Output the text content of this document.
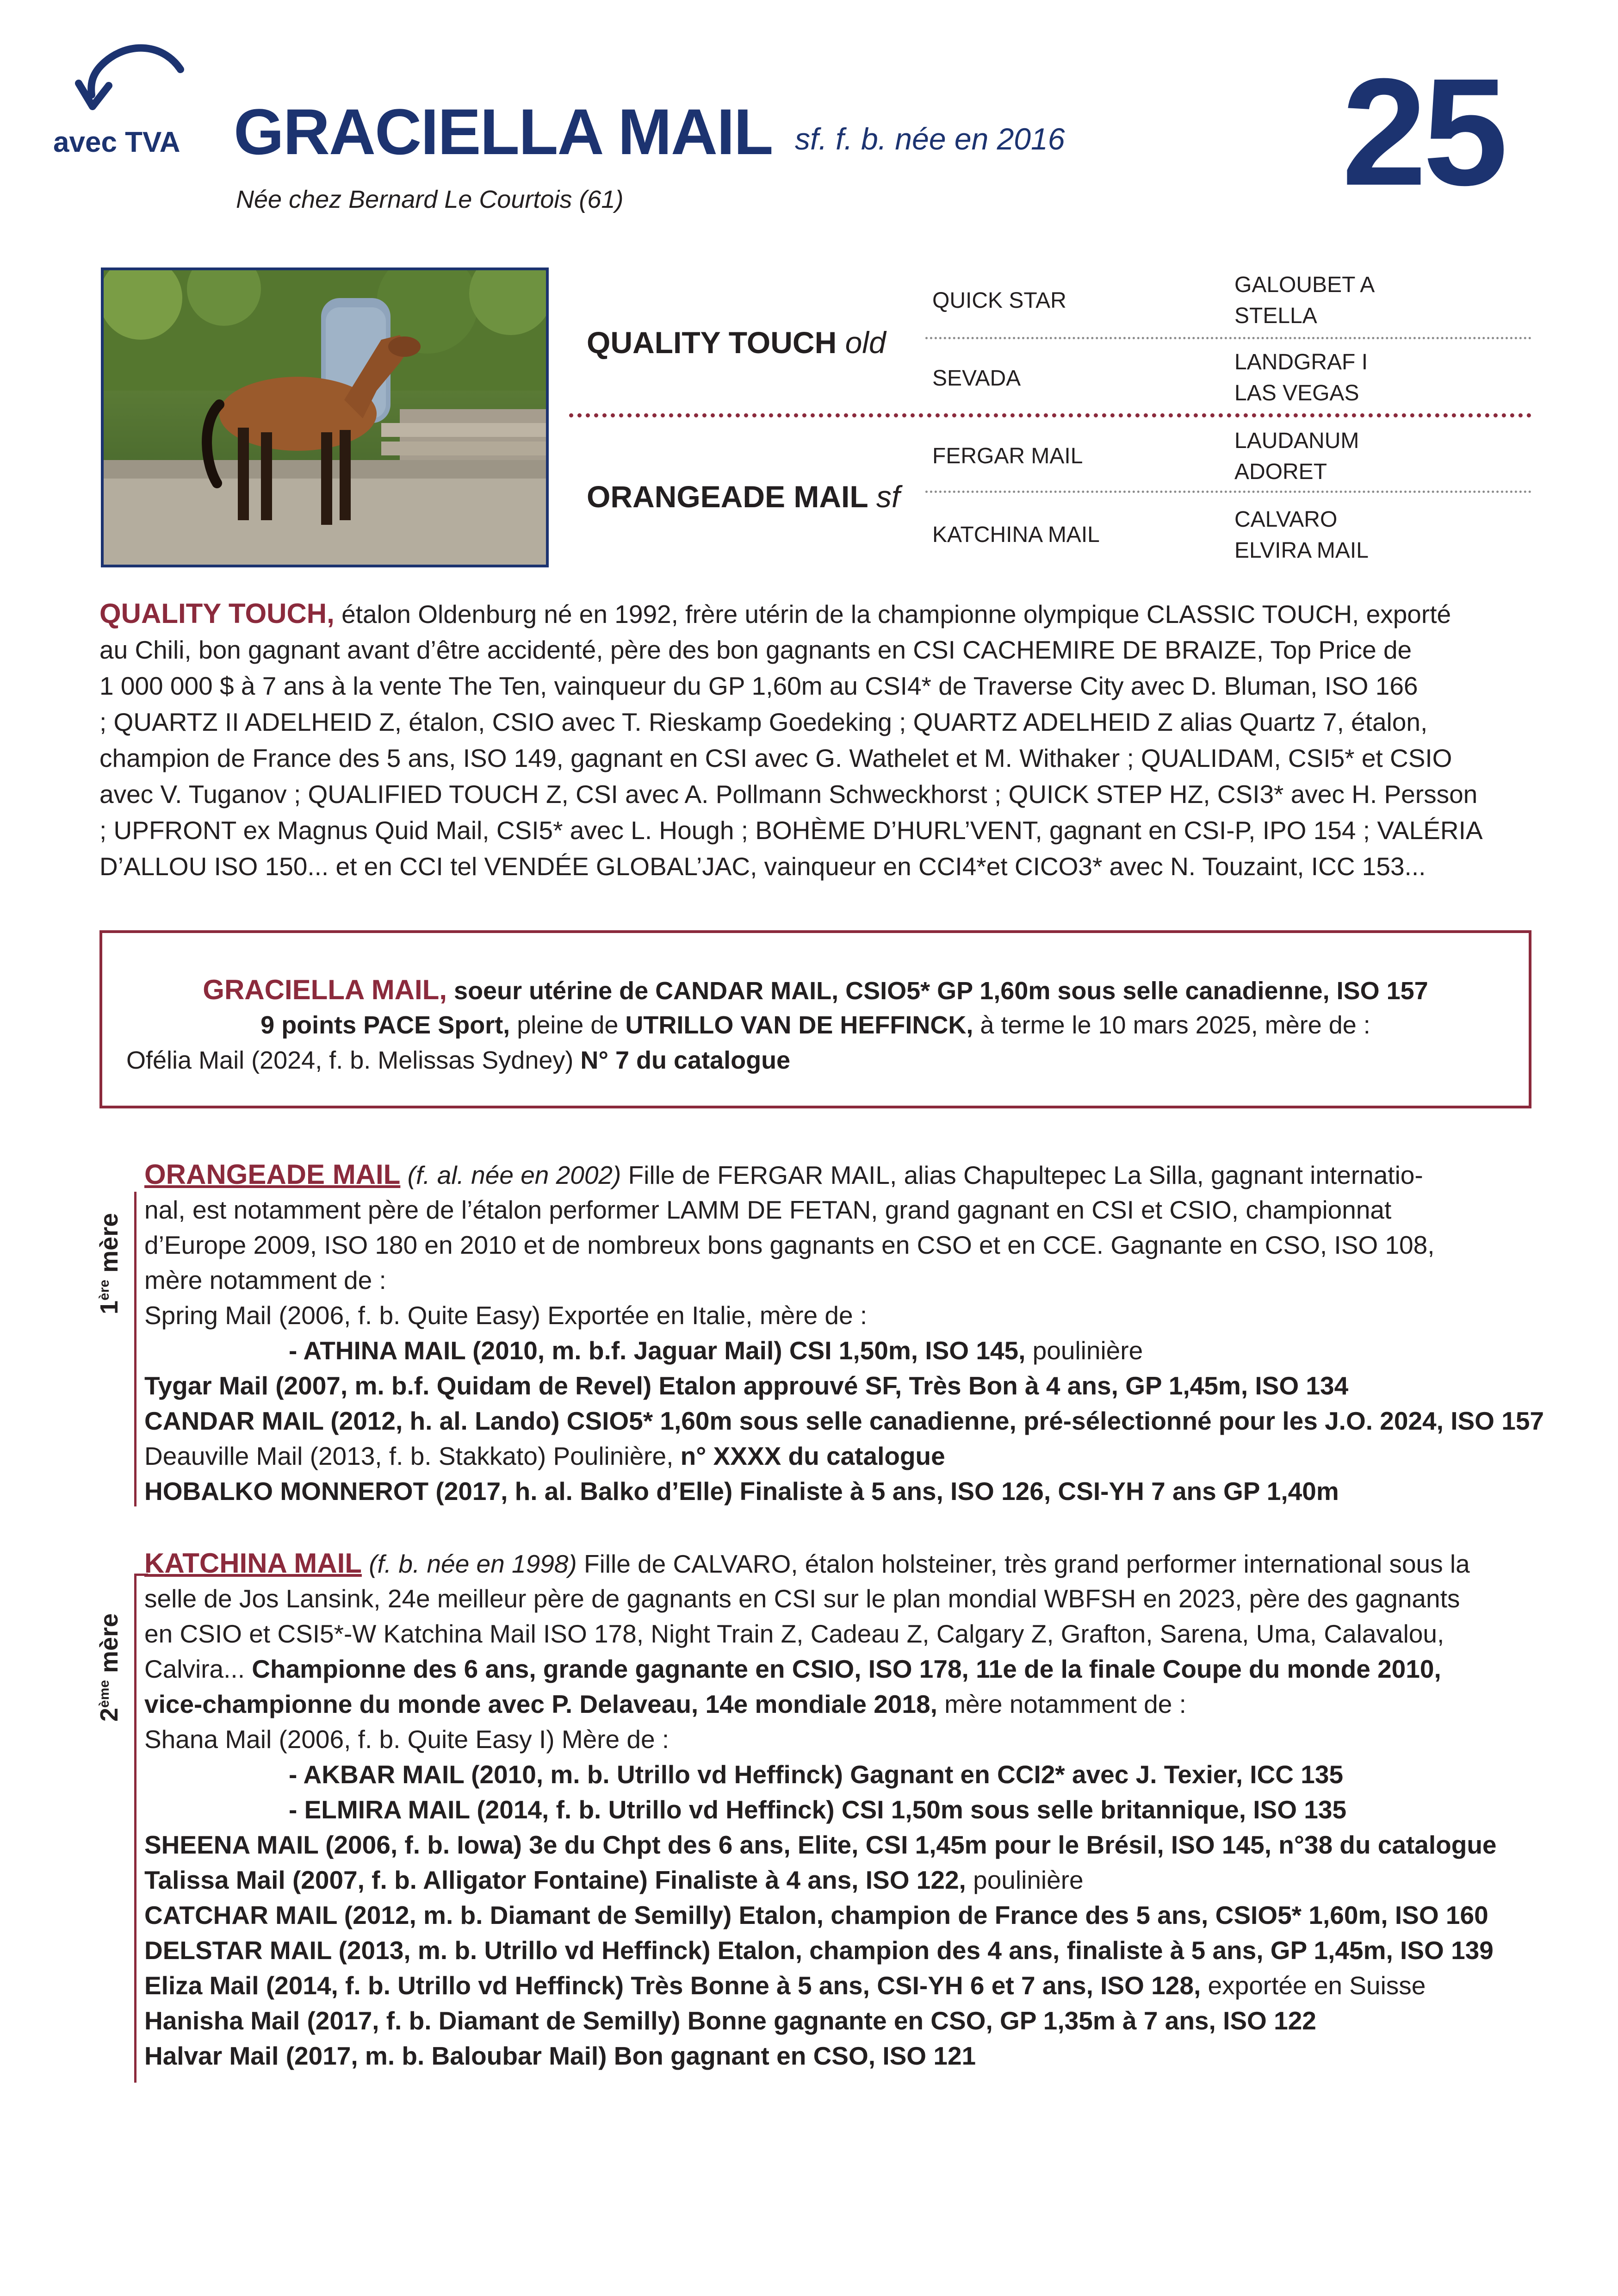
avec TVA GRACIELLA MAIL sf. f. b. née en 2016
Née chez Bernard Le Courtois (61)	25
QUALITY TOUCH old
ORANGEADE MAIL sf
QUICK STAR
SEVADA
FERGAR MAIL
KATCHINA MAIL
GALOUBET A
STELLA
LANDGRAF I
LAS VEGAS
LAUDANUM
ADORET
CALVARO
ELVIRA MAIL
QUALITY TOUCH, étalon Oldenburg né en 1992, frère utérin de la championne olympique CLASSIC TOUCH, exporté
au Chili, bon gagnant avant d’être accidenté, père des bon gagnants en CSI CACHEMIRE DE BRAIZE, Top Price de
1 000 000 $ à 7 ans à la vente The Ten, vainqueur du GP 1,60m au CSI4* de Traverse City avec D. Bluman, ISO 166
; QUARTZ II ADELHEID Z, étalon, CSIO avec T. Rieskamp Goedeking ; QUARTZ ADELHEID Z alias Quartz 7, étalon,
champion de France des 5 ans, ISO 149, gagnant en CSI avec G. Wathelet et M. Withaker ; QUALIDAM, CSI5* et CSIO
avec V. Tuganov ; QUALIFIED TOUCH Z, CSI avec A. Pollmann Schweckhorst ; QUICK STEP HZ, CSI3* avec H. Persson
; UPFRONT ex Magnus Quid Mail, CSI5* avec L. Hough ; BOHÈME D’HURL’VENT, gagnant en CSI-P, IPO 154 ; VALÉRIA
D’ALLOU ISO 150... et en CCI tel VENDÉE GLOBAL’JAC, vainqueur en CCI4*et CICO3* avec N. Touzaint, ICC 153...
GRACIELLA MAIL, soeur utérine de CANDAR MAIL, CSIO5* GP 1,60m sous selle canadienne, ISO 157
9 points PACE Sport, pleine de UTRILLO VAN DE HEFFINCK, à terme le 10 mars 2025, mère de :
Ofélia Mail (2024, f. b. Melissas Sydney) N° 7 du catalogue
1ère mère
ORANGEADE MAIL (f. al. née en 2002) Fille de FERGAR MAIL, alias Chapultepec La Silla, gagnant internatio-
nal, est notamment père de l’étalon performer LAMM DE FETAN, grand gagnant en CSI et CSIO, championnat
d’Europe 2009, ISO 180 en 2010 et de nombreux bons gagnants en CSO et en CCE. Gagnante en CSO, ISO 108,
mère notamment de :
Spring Mail (2006, f. b. Quite Easy) Exportée en Italie, mère de :
- ATHINA MAIL (2010, m. b.f. Jaguar Mail) CSI 1,50m, ISO 145, poulinière
Tygar Mail (2007, m. b.f. Quidam de Revel) Etalon approuvé SF, Très Bon à 4 ans, GP 1,45m, ISO 134
CANDAR MAIL (2012, h. al. Lando) CSIO5* 1,60m sous selle canadienne, pré-sélectionné pour les J.O. 2024, ISO 157
Deauville Mail (2013, f. b. Stakkato) Poulinière, n° XXXX du catalogue
HOBALKO MONNEROT (2017, h. al. Balko d’Elle) Finaliste à 5 ans, ISO 126, CSI-YH 7 ans GP 1,40m
2ème mère
KATCHINA MAIL (f. b. née en 1998) Fille de CALVARO, étalon holsteiner, très grand performer international sous la
selle de Jos Lansink, 24e meilleur père de gagnants en CSI sur le plan mondial WBFSH en 2023, père des gagnants
en CSIO et CSI5*-W Katchina Mail ISO 178, Night Train Z, Cadeau Z, Calgary Z, Grafton, Sarena, Uma, Calavalou,
Calvira... Championne des 6 ans, grande gagnante en CSIO, ISO 178, 11e de la finale Coupe du monde 2010,
vice-championne du monde avec P. Delaveau, 14e mondiale 2018, mère notamment de :
Shana Mail (2006, f. b. Quite Easy I) Mère de :
- AKBAR MAIL (2010, m. b. Utrillo vd Heffinck) Gagnant en CCI2* avec J. Texier, ICC 135
- ELMIRA MAIL (2014, f. b. Utrillo vd Heffinck) CSI 1,50m sous selle britannique, ISO 135
SHEENA MAIL (2006, f. b. Iowa) 3e du Chpt des 6 ans, Elite, CSI 1,45m pour le Brésil, ISO 145, n°38 du catalogue
Talissa Mail (2007, f. b. Alligator Fontaine) Finaliste à 4 ans, ISO 122, poulinière
CATCHAR MAIL (2012, m. b. Diamant de Semilly) Etalon, champion de France des 5 ans, CSIO5* 1,60m, ISO 160
DELSTAR MAIL (2013, m. b. Utrillo vd Heffinck) Etalon, champion des 4 ans, finaliste à 5 ans, GP 1,45m, ISO 139
Eliza Mail (2014, f. b. Utrillo vd Heffinck) Très Bonne à 5 ans, CSI-YH 6 et 7 ans, ISO 128, exportée en Suisse
Hanisha Mail (2017, f. b. Diamant de Semilly) Bonne gagnante en CSO, GP 1,35m à 7 ans, ISO 122
Halvar Mail (2017, m. b. Baloubar Mail) Bon gagnant en CSO, ISO 121
